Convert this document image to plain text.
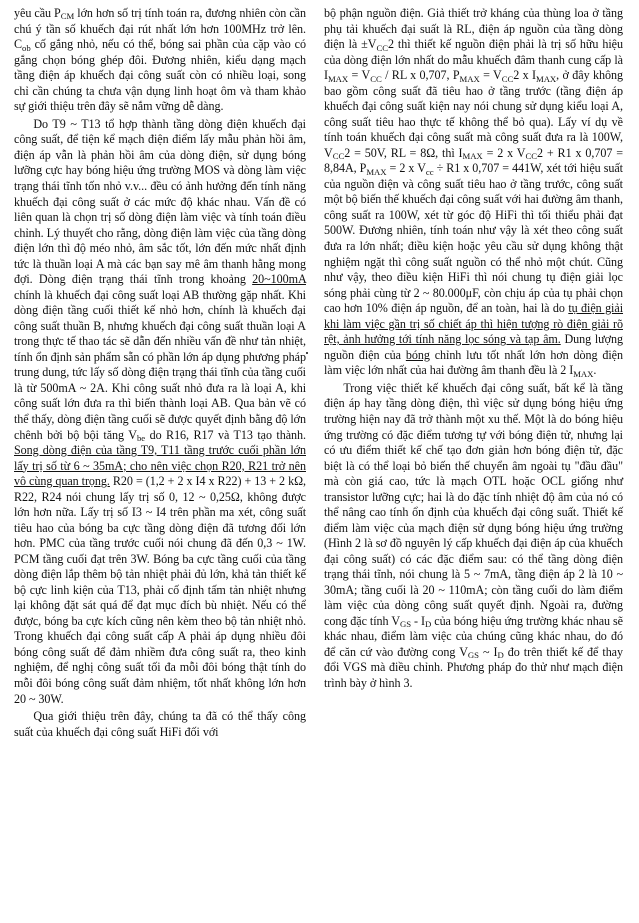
yêu cầu $P_{CM}$ lớn hơn số trị tính toán ra, đương nhiên còn cần chú ý tần số khuếch đại rút nhất lớn hơn 100MHz trở lên. $C_{ob}$ cố gắng nhỏ, nếu có thể, bóng sai phần của cặp vào có gắng chọn bóng ghép đôi. Đương nhiên, kiểu dạng mạch tầng điện áp khuếch đại công suất còn có nhiều loại, song chỉ cần chúng ta chưa vận dụng linh hoạt ôm và tham khảo sự giới thiệu trên đây sẽ nắm vững dễ dàng.

Do T9 ~ T13 tổ hợp thành tầng dòng điện khuếch đại công suất, để tiện kể mạch điện điểm lấy mẫu phản hồi âm, điện áp vẫn là phản hồi âm của dòng điện, sử dụng bóng lưỡng cực hay bóng hiệu ứng trường MOS và dòng làm việc trạng thái tĩnh tốn nhỏ v.v... đều có ảnh hưởng đến tính năng khuếch đại công suất ở các mức độ khác nhau. Vấn đề có liên quan là chọn trị số dòng điện làm việc và tính toán điều chỉnh. Lý thuyết cho rằng, dòng điện làm việc của tầng dòng điện lớn thì độ méo nhỏ, âm sắc tốt, lớn đến mức nhất định tức là thuần loại A mà các bạn say mê âm thanh hằng mong đợi. Dòng điện trạng thái tĩnh trong khoảng 20~100mA chính là khuếch đại công suất loại AB thường gặp nhất. Khi dòng điện tầng cuối thiết kế nhỏ hơn, chính là khuếch đại công suất thuần B, nhưng khuếch đại công suất thuần loại A trong thực tế thao tác sẽ dẫn đến nhiều vấn đề như tản nhiệt, tính ổn định sản phẩm sẵn có phần lớn áp dụng phương pháp trung dung, tức lấy số dòng điện trạng thái tĩnh của tầng cuối là từ 500mA ~ 2A. Khi công suất nhỏ đưa ra là loại A, khi công suất lớn đưa ra thì biến thành loại AB. Qua bản vẽ có thể thấy, dòng điện tầng cuối sẽ được quyết định bằng độ lớn chênh bởi bộ bội tăng $V_{be}$ do R16, R17 và T13 tạo thành. Song dòng điện của tầng T9, T11 tầng trước cuối phần lớn lấy trị số từ 6 ~ 35mA; cho nên việc chọn R20, R21 trở nên vô cùng quan trọng. R20 = (1,2 + 2 x I4 x R22) + 13 + 2 kΩ, R22, R24 nói chung lấy trị số 0, 12 ~ 0,25Ω, không được lớn hơn nữa. Lấy trị số I3 ~ I4 trên phần ma xét, công suất tiêu hao của bóng ba cực tầng dòng điện đã tương đối lớn hơn. PMC của tầng trước cuối nói chung đã đến 0,3 ~ 1W. PCM tầng cuối đạt trên 3W. Bóng ba cực tầng cuối của tầng dòng điện lắp thêm bộ tản nhiệt phải đủ lớn, khả tản thiết kế bộ cực linh kiện của T13, phải cố định tấm tản nhiệt nhưng lại không đặt sát quá để đạt mục đích bù nhiệt. Nếu có thể được, bóng ba cực kích cũng nên kèm theo bộ tản nhiệt nhỏ. Trong khuếch đại công suất cấp A phải áp dụng nhiều đôi bóng công suất để đảm nhiềm đưa công suất ra, theo kinh nghiệm, để nghị công suất tối đa mỗi đôi bóng thật tính do mỗi đôi bóng công suất đảm nhiệm, tốt nhất không lớn hơn 20 ~ 30W.

Qua giới thiệu trên đây, chúng ta đã có thể thấy công suất của khuếch đại công suất HiFi đối với

bộ phận nguồn điện. Giả thiết trở kháng của thùng loa ở tầng phụ tải khuếch đại suất là RL, điện áp nguồn của tầng dòng điện là $\pm V_{CC}2$ thì thiết kế nguồn điện phải là trị số hữu hiệu của dòng điện lớn nhất do mẫu khuếch đâm thanh cung cấp là $I_{MAX} = V_{CC}$ / RL x 0,707, $P_{MAX} = V_{CC}2$ x $I_{MAX}$, ở đây không bao gồm công suất đã tiêu hao ở tầng trước (tầng điện áp khuếch đại công suất kiện nay nói chung sử dụng kiểu loại A, công suất tiêu hao thực tế không thể bỏ qua). Lấy ví dụ về tính toán khuếch đại công suất mà công suất đưa ra là 100W, $V_{CC}2 = 50V$, RL = 8Ω, thì $I_{MAX} = 2$ x $V_{CC}2 + R1$ x 0,707 = 8,84A, $P_{MAX} = 2$ x $V_{cc} \div R1$ x 0,707 = 441W, xét tới hiệu suất của nguồn điện và công suất tiêu hao ở tầng trước, công suất một bộ biến thế khuếch đại công suất với hai đường âm thanh, công suất ra 100W, xét từ góc độ HiFi thì tối thiểu phải đạt 500W. Đương nhiên, tính toán như vậy là xét theo công suất đưa ra lớn nhất; điều kiện hoặc yêu cầu sử dụng không thật nghiệm ngặt thì công suất nguồn có thể nhỏ một chút. Cũng như vậy, theo điều kiện HiFi thì nói chung tụ điện giải lọc sóng phải cùng từ 2 ~ 80.000μF, còn chịu áp của tụ phải chọn cao hơn 10% điện áp nguồn, để an toàn, hai là do tụ điện giải khi làm việc gần trị số chiết áp thì hiện tượng rò điện giải rõ rệt, ảnh hưởng tới tính năng lọc sóng và tạp âm. Dung lượng nguồn điện của bóng chỉnh lưu tốt nhất lớn hơn dòng điện làm việc lớn nhất của hai đường âm thanh đều là 2 $I_{MAX}$.

Trong việc thiết kế khuếch đại công suất, bất kể là tầng điện áp hay tầng dòng điện, thì việc sử dụng bóng hiệu ứng trường hiện nay đã trở thành một xu thế. Một là do bóng hiệu ứng trường có đặc điểm tương tự với bóng điện tử, nhưng lại có ưu điểm thiết kế chế tạo đơn giản hơn bóng điện tử, đặc biệt là có thể loại bỏ biến thế chuyển âm ngoài tụ "đầu đầu" mà còn giá cao, tức là mạch OTL hoặc OCL giống như transistor lưỡng cực; hai là do đặc tính nhiệt độ âm của nó có thể nâng cao tính ổn định của khuếch đại công suất. Thiết kế điểm làm việc của mạch điện sử dụng bóng hiệu ứng trường (Hình 2 là sơ đồ nguyên lý cấp khuếch đại điện áp của khuếch đại công suất) có các đặc điểm sau: có thể tầng dòng điện trạng thái tĩnh, nói chung là 5 ~ 7mA, tầng điện áp 2 là 10 ~ 30mA; tầng cuối là 20 ~ 110mA; còn tầng cuối do làm điểm làm việc của dòng công suất quyết định. Ngoài ra, đường cong đặc tính $V_{GS} - I_D$ của bóng hiệu ứng trường khác nhau sẽ khác nhau, điểm làm việc của chúng cũng khác nhau, do đó để căn cứ vào đường cong $V_{GS}$ ~ $I_D$ đo trên thiết kế để thay đổi VGS mà điều chỉnh. Phương pháp đo thử như mạch điện trình bày ở hình 3.
